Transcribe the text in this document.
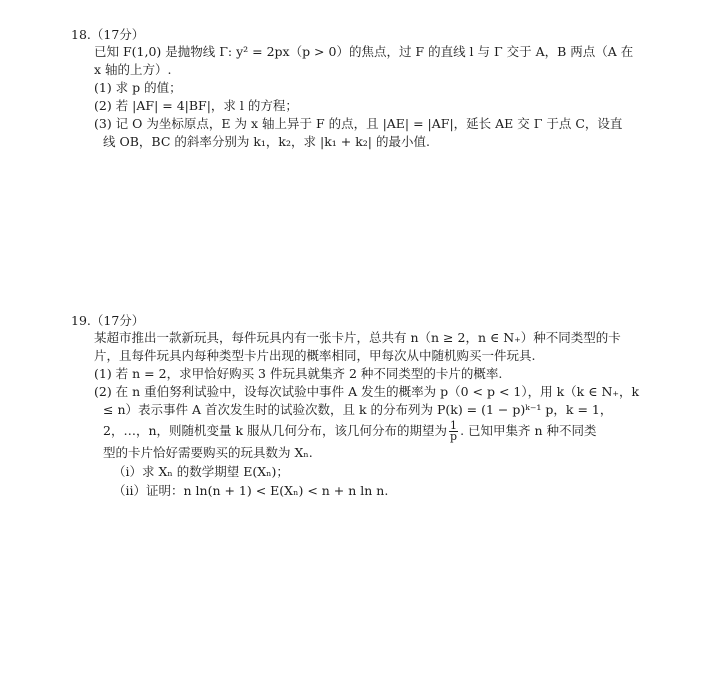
18.（17分）
已知 F(1,0) 是抛物线 Γ: y² = 2px（p > 0）的焦点，过 F 的直线 l 与 Γ 交于 A，B 两点（A 在
x 轴的上方）.
(1) 求 p 的值；
(2) 若 |AF| = 4|BF|，求 l 的方程；
(3) 记 O 为坐标原点，E 为 x 轴上异于 F 的点，且 |AE| = |AF|，延长 AE 交 Γ 于点 C，设直
线 OB，BC 的斜率分别为 k₁，k₂，求 |k₁ + k₂| 的最小值.
19.（17分）
某超市推出一款新玩具，每件玩具内有一张卡片，总共有 n（n ≥ 2，n ∈ N₊）种不同类型的卡
片，且每件玩具内每种类型卡片出现的概率相同，甲每次从中随机购买一件玩具.
(1) 若 n = 2，求甲恰好购买 3 件玩具就集齐 2 种不同类型的卡片的概率.
(2) 在 n 重伯努利试验中，设每次试验中事件 A 发生的概率为 p（0 < p < 1），用 k（k ∈ N₊，k
≤ n）表示事件 A 首次发生时的试验次数，且 k 的分布列为 P(k) = (1 − p)ᵏ⁻¹ p，k = 1，
2，…，n，则随机变量 k 服从几何分布，该几何分布的期望为 $\frac{1}{p}$ . 已知甲集齐 n 种不同类
型的卡片恰好需要购买的玩具数为 Xₙ.
（i）求 Xₙ 的数学期望 E(Xₙ)；
（ii）证明：n ln(n + 1) < E(Xₙ) < n + n ln n.
